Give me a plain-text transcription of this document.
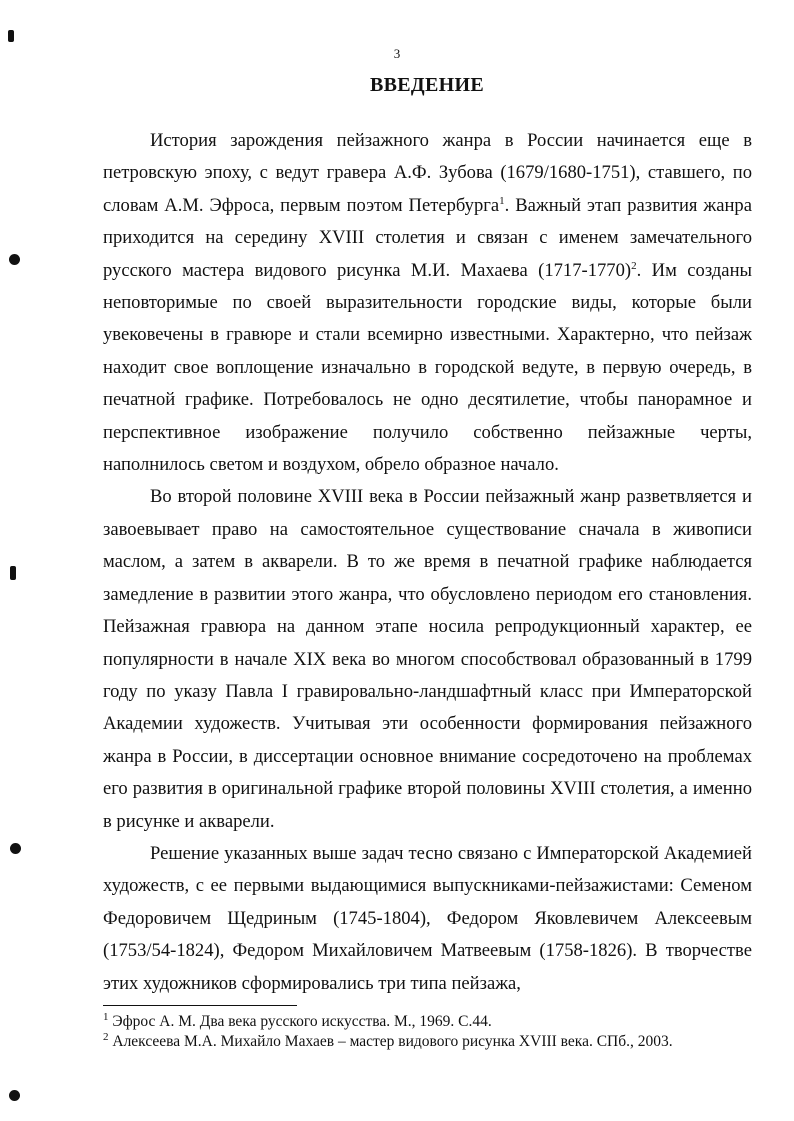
3
ВВЕДЕНИЕ

История зарождения пейзажного жанра в России начинается еще в петровскую эпоху, с ведут гравера А.Ф. Зубова (1679/1680-1751), ставшего, по словам А.М. Эфроса, первым поэтом Петербурга$^1$. Важный этап развития жанра приходится на середину XVIII столетия и связан с именем замечательного русского мастера видового рисунка М.И. Махаева (1717-1770)$^2$. Им созданы неповторимые по своей выразительности городские виды, которые были увековечены в гравюре и стали всемирно известными. Характерно, что пейзаж находит свое воплощение изначально в городской ведуте, в первую очередь, в печатной графике. Потребовалось не одно десятилетие, чтобы панорамное и перспективное изображение получило собственно пейзажные черты, наполнилось светом и воздухом, обрело образное начало.

Во второй половине XVIII века в России пейзажный жанр разветвляется и завоевывает право на самостоятельное существование сначала в живописи маслом, а затем в акварели. В то же время в печатной графике наблюдается замедление в развитии этого жанра, что обусловлено периодом его становления. Пейзажная гравюра на данном этапе носила репродукционный характер, ее популярности в начале XIX века во многом способствовал образованный в 1799 году по указу Павла I гравировально-ландшафтный класс при Императорской Академии художеств. Учитывая эти особенности формирования пейзажного жанра в России, в диссертации основное внимание сосредоточено на проблемах его развития в оригинальной графике второй половины XVIII столетия, а именно в рисунке и акварели.

Решение указанных выше задач тесно связано с Императорской Академией художеств, с ее первыми выдающимися выпускниками-пейзажистами: Семеном Федоровичем Щедриным (1745-1804), Федором Яковлевичем Алексеевым (1753/54-1824), Федором Михайловичем Матвеевым (1758-1826). В творчестве этих художников сформировались три типа пейзажа,

$^1$ Эфрос А. М. Два века русского искусства. М., 1969. С.44.
$^2$ Алексеева М.А. Михайло Махаев – мастер видового рисунка XVIII века. СПб., 2003.
